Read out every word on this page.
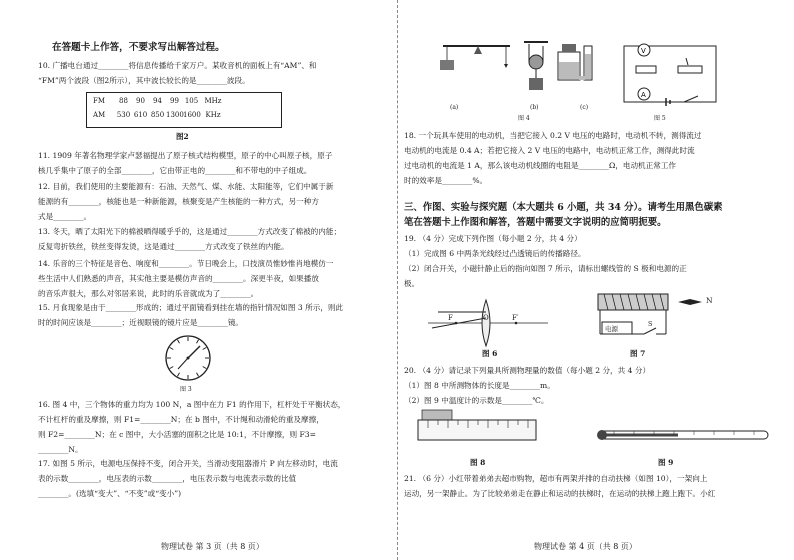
在答题卡上作答，不要求写出解答过程。
10. 广播电台通过________将信息传播给千家万户。某收音机的面板上有“AM”、和
“FM”两个波段（图2所示），其中波长较长的是________波段。
FM	88	90	94	99 105 MHz
AM	530 610 850 1300 1600 KHz
图2
11. 1909 年著名物理学家卢瑟福提出了原子核式结构模型，原子的中心叫原子核，原子
核几乎集中了原子的全部________，它由带正电的________和不带电的中子组成。
12. 目前，我们使用的主要能源有：石油、天然气、煤、水能、太阳能等，它们中属于新
能源的有________，核能也是一种新能源，核聚变是产生核能的一种方式，另一种方
式是________。
13. 冬天，晒了太阳光下的棉被晒得暖乎乎的，这是通过________方式改变了棉被的内能；
反复弯折铁丝，铁丝变得发烫，这是通过________方式改变了铁丝的内能。
14. 乐音的三个特征是音色、响度和________。节日晚会上，口技演员惟妙惟肖地模仿一
些生活中人们熟悉的声音，其实他主要是模仿声音的________。深更半夜，如果播放
的音乐声很大，那么对邻居来说，此时的乐音就成为了________。
15. 月食现象是由于________形成的；通过平面镜看到挂在墙的指针情况如图 3 所示，则此
时的时间应该是________；近视眼镜的镜片应是________镜。
图 3
16. 图 4 中，三个物体的重力均为 100 N，a 图中在力 F1 的作用下，杠杆处于平衡状态，
不计杠杆的重及摩擦，则 F1=________N；在 b 图中，不计绳和动滑轮的重及摩擦，
则 F2=________N；在 c 图中，大小活塞的面积之比是 10:1，不计摩擦，则 F3=
________N。
17. 如图 5 所示，电源电压保持不变，闭合开关，当滑动变阻器滑片 P 向左移动时，电流
表的示数________，电压表的示数________，电压表示数与电流表示数的比值
________。(选填“变大”、“不变”或“变小”)
物理试卷 第 3 页（共 8 页）
(a)	(b)	(c)
图 4
V
A
图 5
18. 一个玩具车使用的电动机，当把它接入 0.2 V 电压的电路时，电动机不转，测得流过
电动机的电流是 0.4 A；若把它接入 2 V 电压的电路中，电动机正常工作，测得此时流
过电动机的电流是 1 A，那么该电动机线圈的电阻是________Ω，电动机正常工作
时的效率是________%。
三、作图、实验与探究题（本大题共 6 小题，共 34 分）。请考生用黑色碳素
笔在答题卡上作图和解答，答题中需要文字说明的应简明扼要。
19. （4 分）完成下列作图（每小题 2 分，共 4 分）
（1）完成图 6 中两条光线经过凸透镜后的传播路径。
（2）闭合开关，小磁针静止后的指向如图 7 所示，请标出螺线管的 S 极和电源的正
极。
F	O	F′
图 6
电源
S
N
图 7
20. （4 分）请记录下列量具所测物理量的数值（每小题 2 分，共 4 分）
（1）图 8 中所测物体的长度是________m。
（2）图 9 中温度计的示数是________℃。
图 8	图 9
21. （6 分）小红带着弟弟去超市购物，超市有两架并排的自动扶梯（如图 10），一架向上
运动，另一架静止。为了比较弟弟走在静止和运动的扶梯时，在运动的扶梯上跑上跑下。小红
物理试卷 第 4 页（共 8 页）
